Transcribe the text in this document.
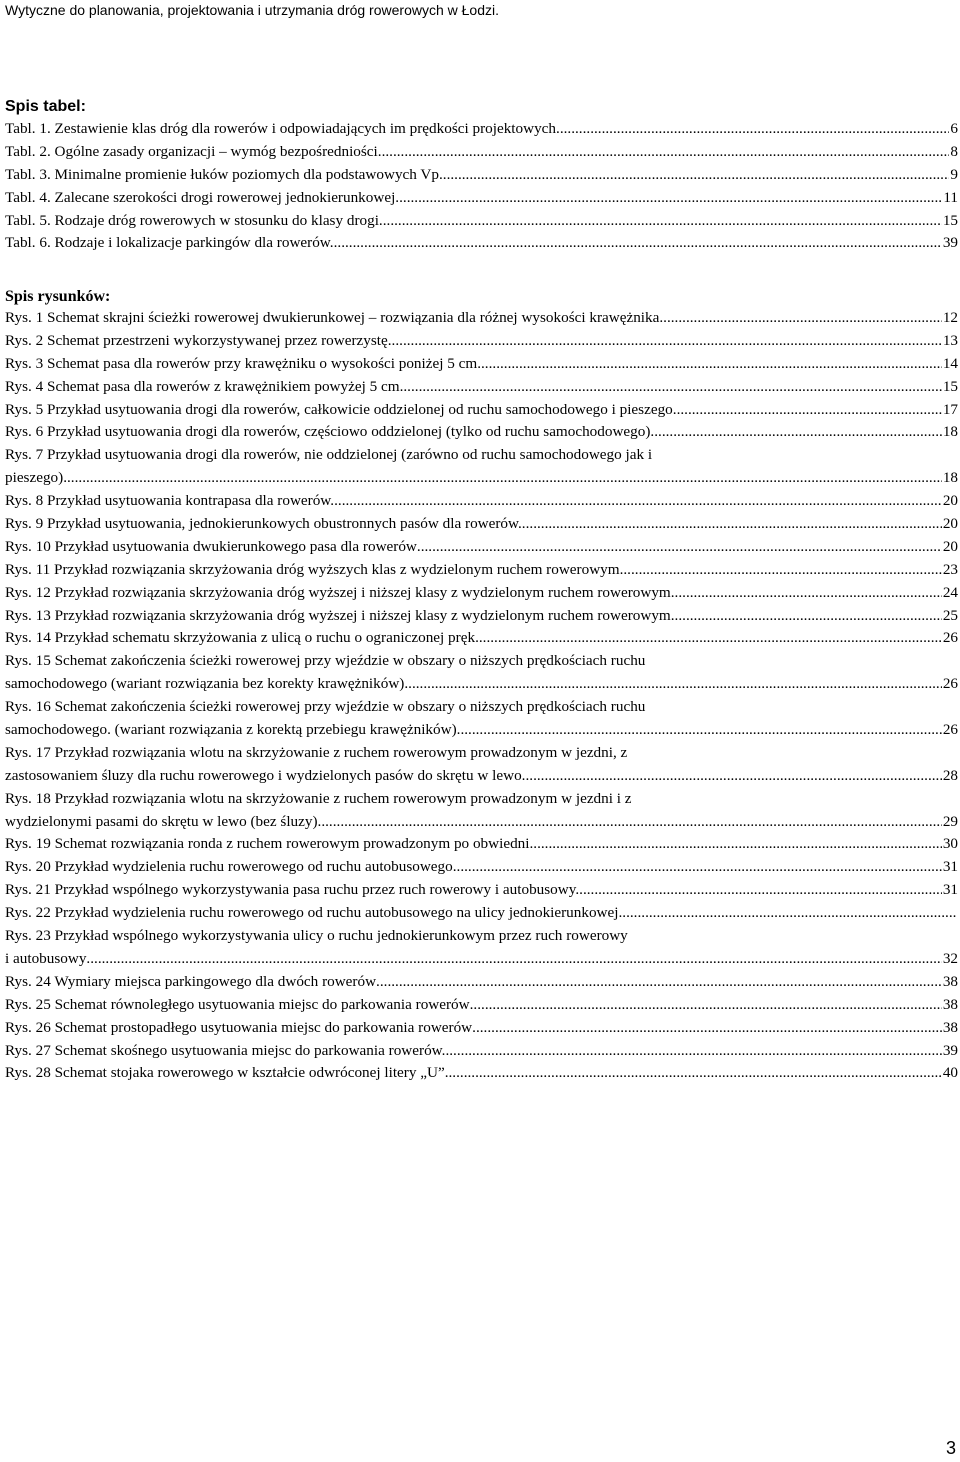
Wytyczne do planowania, projektowania i utrzymania dróg rowerowych w Łodzi.
Spis tabel:
Tabl. 1. Zestawienie klas dróg dla rowerów i odpowiadających im prędkości projektowych. .....	6
Tabl. 2. Ogólne zasady organizacji – wymóg bezpośredniości. .....	8
Tabl. 3. Minimalne promienie łuków poziomych dla podstawowych Vp. .....	9
Tabl. 4. Zalecane szerokości drogi rowerowej jednokierunkowej. .....	11
Tabl. 5. Rodzaje dróg rowerowych w stosunku do klasy drogi. .....	15
Tabl. 6. Rodzaje i lokalizacje parkingów dla rowerów. .....	39
Spis rysunków:
Rys. 1 Schemat skrajni ścieżki rowerowej dwukierunkowej – rozwiązania dla różnej wysokości krawężnika. .....	12
Rys. 2 Schemat przestrzeni wykorzystywanej przez rowerzystę. .....	13
Rys. 3 Schemat pasa dla rowerów przy krawężniku o wysokości poniżej 5 cm. .....	14
Rys. 4 Schemat pasa dla rowerów z krawężnikiem powyżej 5 cm. .....	15
Rys. 5 Przykład usytuowania drogi dla rowerów, całkowicie oddzielonej od ruchu samochodowego i pieszego. .....	17
Rys. 6 Przykład usytuowania drogi dla rowerów, częściowo oddzielonej (tylko od ruchu samochodowego). .....	18
Rys. 7 Przykład usytuowania drogi dla rowerów, nie oddzielonej (zarówno od ruchu samochodowego jak i
pieszego). .....	18
Rys. 8 Przykład usytuowania kontrapasa dla rowerów. .....	20
Rys. 9 Przykład usytuowania, jednokierunkowych obustronnych pasów dla rowerów. .....	20
Rys. 10 Przykład usytuowania dwukierunkowego pasa dla rowerów .....	20
Rys. 11 Przykład rozwiązania skrzyżowania dróg wyższych klas z wydzielonym ruchem rowerowym. .....	23
Rys. 12 Przykład rozwiązania skrzyżowania dróg wyższej i niższej klasy z wydzielonym ruchem rowerowym. .....	24
Rys. 13 Przykład rozwiązania skrzyżowania dróg wyższej i niższej klasy z wydzielonym ruchem rowerowym. .....	25
Rys. 14 Przykład schematu skrzyżowania z ulicą o ruchu o ograniczonej pręk .....	26
Rys. 15 Schemat zakończenia ścieżki rowerowej przy wjeździe w obszary o niższych prędkościach ruchu
samochodowego (wariant rozwiązania bez korekty krawężników) .....	26
Rys. 16 Schemat zakończenia ścieżki rowerowej przy wjeździe w obszary o niższych prędkościach ruchu
samochodowego. (wariant rozwiązania z korektą przebiegu krawężników) .....	26
Rys. 17 Przykład rozwiązania wlotu na skrzyżowanie z ruchem rowerowym prowadzonym w jezdni, z
zastosowaniem śluzy dla ruchu rowerowego i wydzielonych pasów do skrętu w lewo. .....	28
Rys. 18 Przykład rozwiązania wlotu na skrzyżowanie z ruchem rowerowym prowadzonym w jezdni i z
wydzielonymi pasami do skrętu w lewo (bez śluzy). .....	29
Rys. 19 Schemat rozwiązania ronda z ruchem rowerowym prowadzonym po obwiedni. .....	30
Rys. 20 Przykład wydzielenia ruchu rowerowego od ruchu autobusowego. .....	31
Rys. 21 Przykład wspólnego wykorzystywania pasa ruchu przez ruch rowerowy i autobusowy. .....	31
Rys. 22 Przykład wydzielenia ruchu rowerowego od ruchu autobusowego na ulicy jednokierunkowej.
.....
Rys. 23 Przykład wspólnego wykorzystywania ulicy o ruchu jednokierunkowym przez ruch rowerowy
i autobusowy .....	32
Rys. 24 Wymiary miejsca parkingowego dla dwóch rowerów .....	38
Rys. 25 Schemat równoległego usytuowania miejsc do parkowania rowerów .....	38
Rys. 26 Schemat prostopadłego usytuowania miejsc do parkowania rowerów .....	38
Rys. 27 Schemat skośnego usytuowania miejsc do parkowania rowerów. .....	39
Rys. 28 Schemat stojaka rowerowego w kształcie odwróconej litery „U” .....	40
3
